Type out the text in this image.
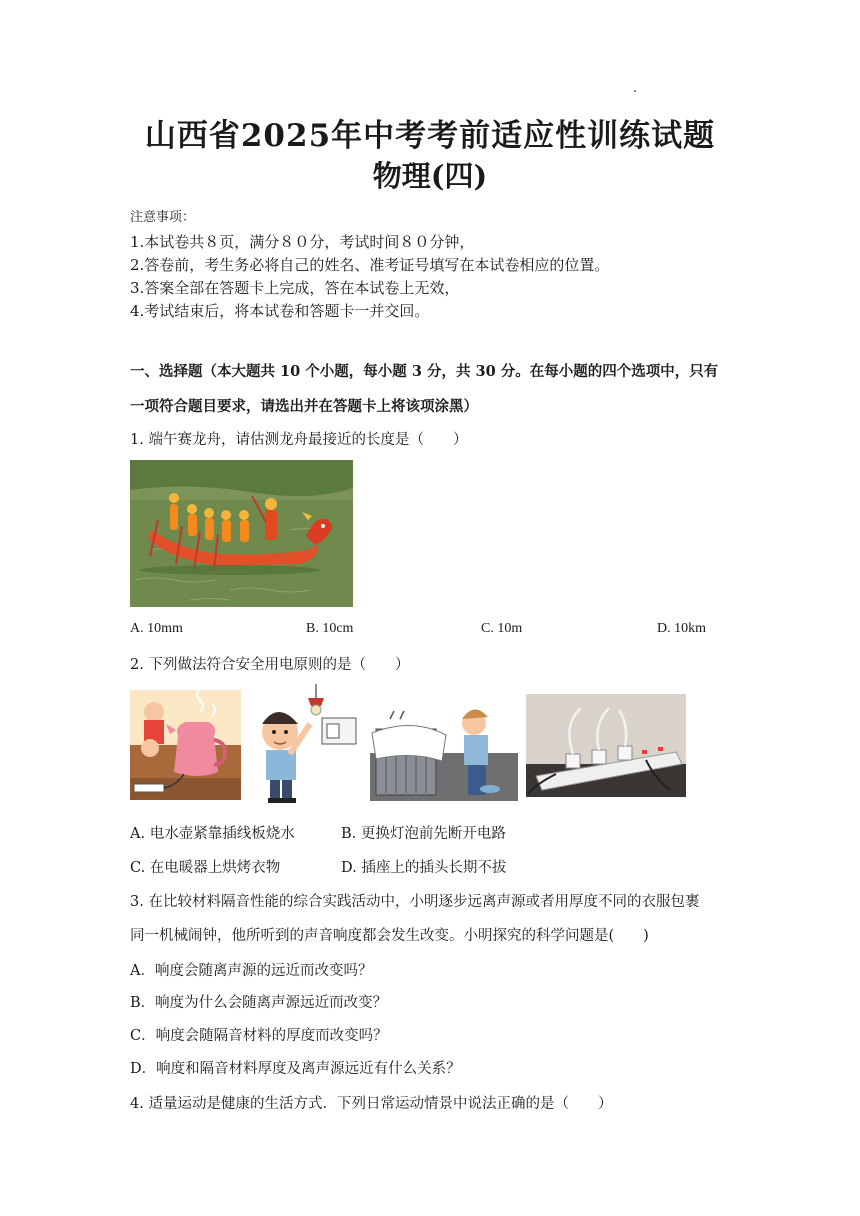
山西省2025年中考考前适应性训练试题
物理(四)
注意事项：
1.本试卷共８页，满分８０分，考试时间８０分钟，
2.答卷前，考生务必将自己的姓名、准考证号填写在本试卷相应的位置。
3.答案全部在答题卡上完成，答在本试卷上无效，
4.考试结束后，将本试卷和答题卡一并交回。
一、选择题（本大题共 10 个小题，每小题 3 分，共 30 分。在每小题的四个选项中，只有
一项符合题目要求，请选出并在答题卡上将该项涂黑）
1. 端午赛龙舟，请估测龙舟最接近的长度是（　　）
A. 10mm	B. 10cm	C. 10m	D. 10km
2. 下列做法符合安全用电原则的是（　　）
A. 电水壶紧靠插线板烧水	B. 更换灯泡前先断开电路
C. 在电暖器上烘烤衣物	D. 插座上的插头长期不拔
3. 在比较材料隔音性能的综合实践活动中，小明逐步远离声源或者用厚度不同的衣服包裹
同一机械闹钟，他所听到的声音响度都会发生改变。小明探究的科学问题是(　　)
A．响度会随离声源的远近而改变吗？
B．响度为什么会随离声源远近而改变？
C．响度会随隔音材料的厚度而改变吗？
D．响度和隔音材料厚度及离声源远近有什么关系？
4. 适量运动是健康的生活方式．下列日常运动情景中说法正确的是（　　）
